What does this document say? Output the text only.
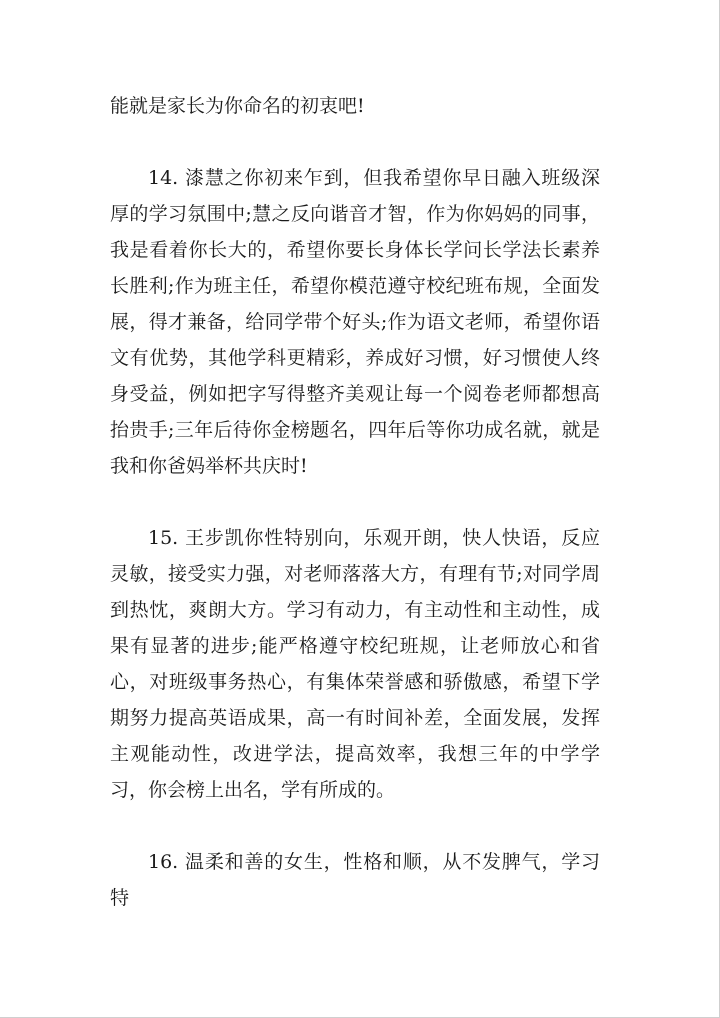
能就是家长为你命名的初衷吧!

14. 漆慧之你初来乍到，但我希望你早日融入班级深厚的学习氛围中;慧之反向谐音才智，作为你妈妈的同事，我是看着你长大的，希望你要长身体长学问长学法长素养长胜利;作为班主任，希望你模范遵守校纪班布规，全面发展，得才兼备，给同学带个好头;作为语文老师，希望你语文有优势，其他学科更精彩，养成好习惯，好习惯使人终身受益，例如把字写得整齐美观让每一个阅卷老师都想高抬贵手;三年后待你金榜题名，四年后等你功成名就，就是我和你爸妈举杯共庆时!

15. 王步凯你性特别向，乐观开朗，快人快语，反应灵敏，接受实力强，对老师落落大方，有理有节;对同学周到热忱，爽朗大方。学习有动力，有主动性和主动性，成果有显著的进步;能严格遵守校纪班规，让老师放心和省心，对班级事务热心，有集体荣誉感和骄傲感，希望下学期努力提高英语成果，高一有时间补差，全面发展，发挥主观能动性，改进学法，提高效率，我想三年的中学学习，你会榜上出名，学有所成的。

16. 温柔和善的女生，性格和顺，从不发脾气，学习特
